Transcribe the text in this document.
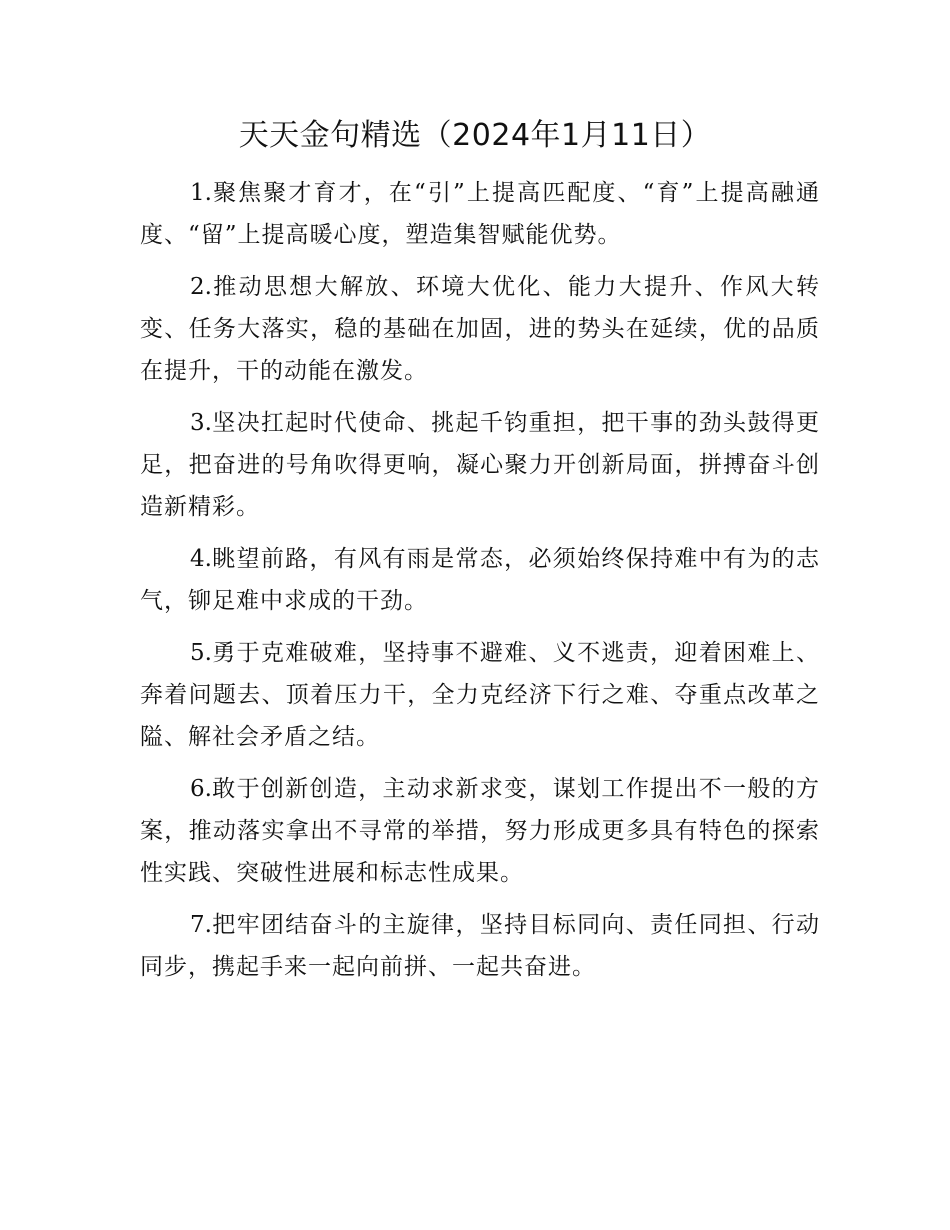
天天金句精选（2024年1月11日）

1.聚焦聚才育才，在“引”上提高匹配度、“育”上提高融通度、“留”上提高暖心度，塑造集智赋能优势。

2.推动思想大解放、环境大优化、能力大提升、作风大转变、任务大落实，稳的基础在加固，进的势头在延续，优的品质在提升，干的动能在激发。

3.坚决扛起时代使命、挑起千钧重担，把干事的劲头鼓得更足，把奋进的号角吹得更响，凝心聚力开创新局面，拼搏奋斗创造新精彩。

4.眺望前路，有风有雨是常态，必须始终保持难中有为的志气，铆足难中求成的干劲。

5.勇于克难破难，坚持事不避难、义不逃责，迎着困难上、奔着问题去、顶着压力干，全力克经济下行之难、夺重点改革之隘、解社会矛盾之结。

6.敢于创新创造，主动求新求变，谋划工作提出不一般的方案，推动落实拿出不寻常的举措，努力形成更多具有特色的探索性实践、突破性进展和标志性成果。

7.把牢团结奋斗的主旋律，坚持目标同向、责任同担、行动同步，携起手来一起向前拼、一起共奋进。
